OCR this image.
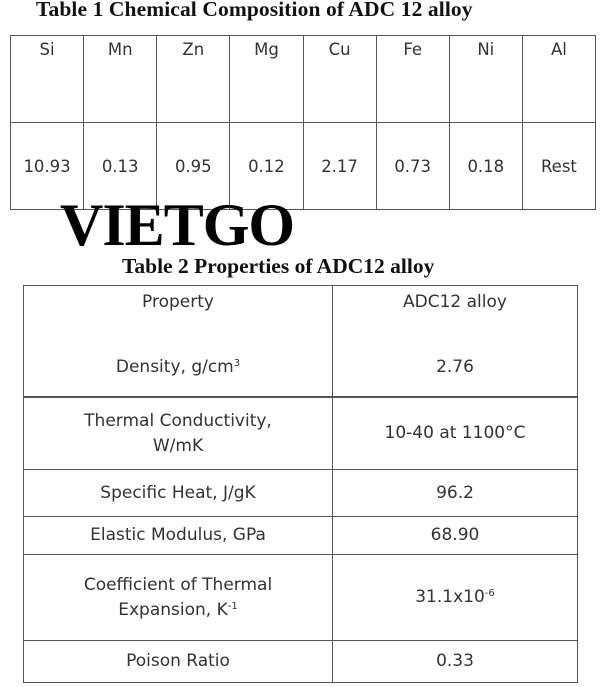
Table 1 Chemical Composition of ADC 12 alloy
Si	Mn	Zn	Mg	Cu	Fe	Ni	Al
10.93	0.13	0.95	0.12	2.17	0.73	0.18	Rest
VIETGO
Table 2 Properties of ADC12 alloy
Property	ADC12 alloy

Density, $g/cm^3$	2.76

Thermal Conductivity,
W/mK	10-40 at 1100°C
Specific Heat, J/gK	96.2
Elastic Modulus, GPa	68.90

Coefficient of Thermal
Expansion, $K^{-1}$	$31.1x10^{-6}$
Poison Ratio	0.33
